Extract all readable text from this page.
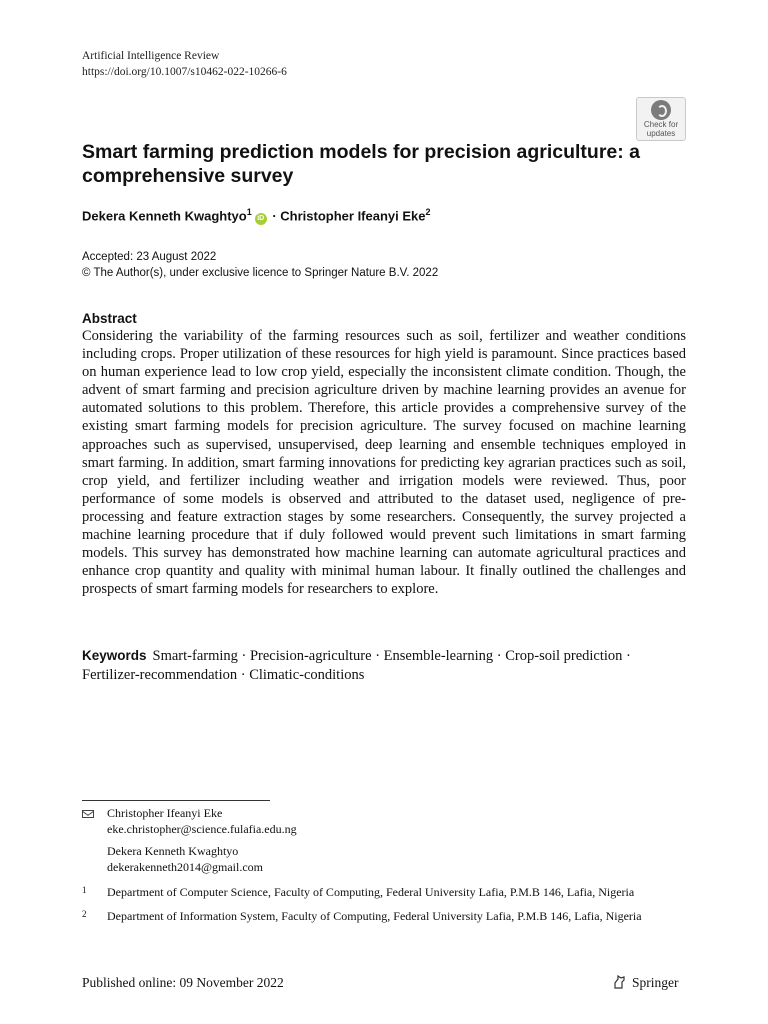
Artificial Intelligence Review
https://doi.org/10.1007/s10462-022-10266-6
Check for
updates
Smart farming prediction models for precision agriculture: a comprehensive survey
Dekera Kenneth Kwaghtyo$^1$iD · Christopher Ifeanyi Eke$^2$
Accepted: 23 August 2022
© The Author(s), under exclusive licence to Springer Nature B.V. 2022
Abstract

Considering the variability of the farming resources such as soil, fertilizer and weather conditions including crops. Proper utilization of these resources for high yield is paramount. Since practices based on human experience lead to low crop yield, especially the inconsistent climate condition. Though, the advent of smart farming and precision agriculture driven by machine learning provides an avenue for automated solutions to this problem. Therefore, this article provides a comprehensive survey of the existing smart farming models for precision agriculture. The survey focused on machine learning approaches such as supervised, unsupervised, deep learning and ensemble techniques employed in smart farming. In addition, smart farming innovations for predicting key agrarian practices such as soil, crop yield, and fertilizer including weather and irrigation models were reviewed. Thus, poor performance of some models is observed and attributed to the dataset used, negligence of pre-processing and feature extraction stages by some researchers. Consequently, the survey projected a machine learning procedure that if duly followed would prevent such limitations in smart farming models. This survey has demonstrated how machine learning can automate agricultural practices and enhance crop quantity and quality with minimal human labour. It finally outlined the challenges and prospects of smart farming models for researchers to explore.

Keywords Smart-farming · Precision-agriculture · Ensemble-learning · Crop-soil prediction · Fertilizer-recommendation · Climatic-conditions

Christopher Ifeanyi Eke
eke.christopher@science.fulafia.edu.ng
Dekera Kenneth Kwaghtyo
dekerakenneth2014@gmail.com
1 Department of Computer Science, Faculty of Computing, Federal University Lafia, P.M.B 146, Lafia, Nigeria
2 Department of Information System, Faculty of Computing, Federal University Lafia, P.M.B 146, Lafia, Nigeria
Published online: 09 November 2022	Springer
